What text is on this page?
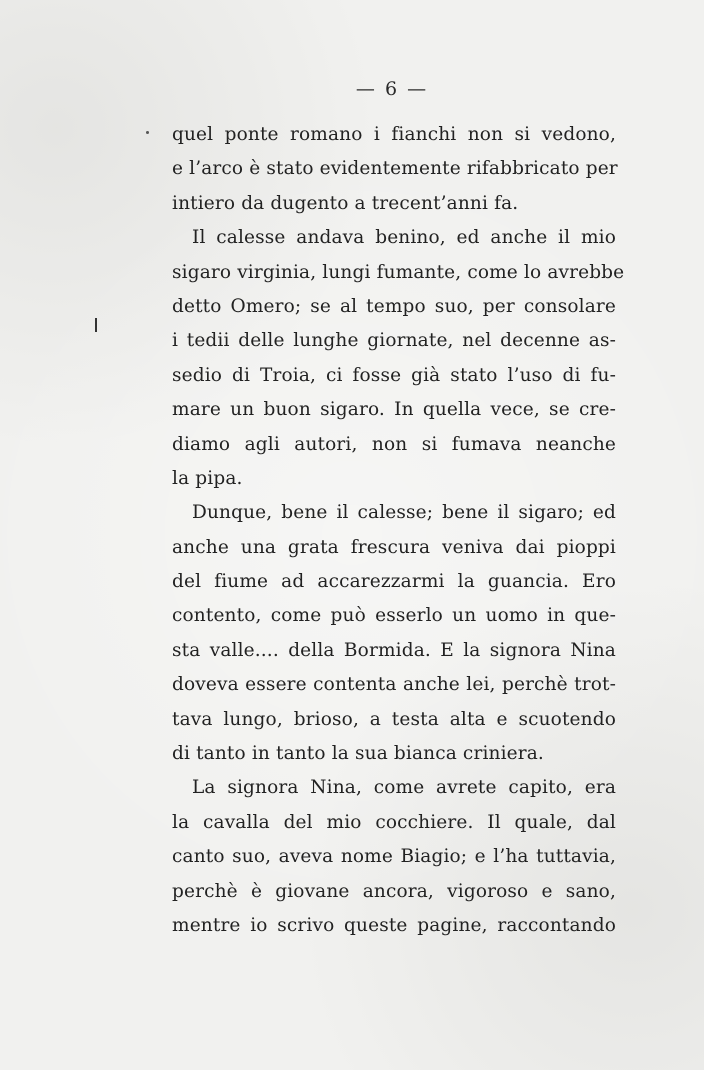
— 6 —
quel ponte romano i fianchi non si vedono,
e l’arco è stato evidentemente rifabbricato per
intiero da dugento a trecent’anni fa.
Il calesse andava benino, ed anche il mio
sigaro virginia, lungi fumante, come lo avrebbe
detto Omero; se al tempo suo, per consolare
i tedii delle lunghe giornate, nel decenne as-
sedio di Troia, ci fosse già stato l’uso di fu-
mare un buon sigaro. In quella vece, se cre-
diamo agli autori, non si fumava neanche
la pipa.
Dunque, bene il calesse; bene il sigaro; ed
anche una grata frescura veniva dai pioppi
del fiume ad accarezzarmi la guancia. Ero
contento, come può esserlo un uomo in que-
sta valle.... della Bormida. E la signora Nina
doveva essere contenta anche lei, perchè trot-
tava lungo, brioso, a testa alta e scuotendo
di tanto in tanto la sua bianca criniera.
La signora Nina, come avrete capito, era
la cavalla del mio cocchiere. Il quale, dal
canto suo, aveva nome Biagio; e l’ha tuttavia,
perchè è giovane ancora, vigoroso e sano,
mentre io scrivo queste pagine, raccontando
